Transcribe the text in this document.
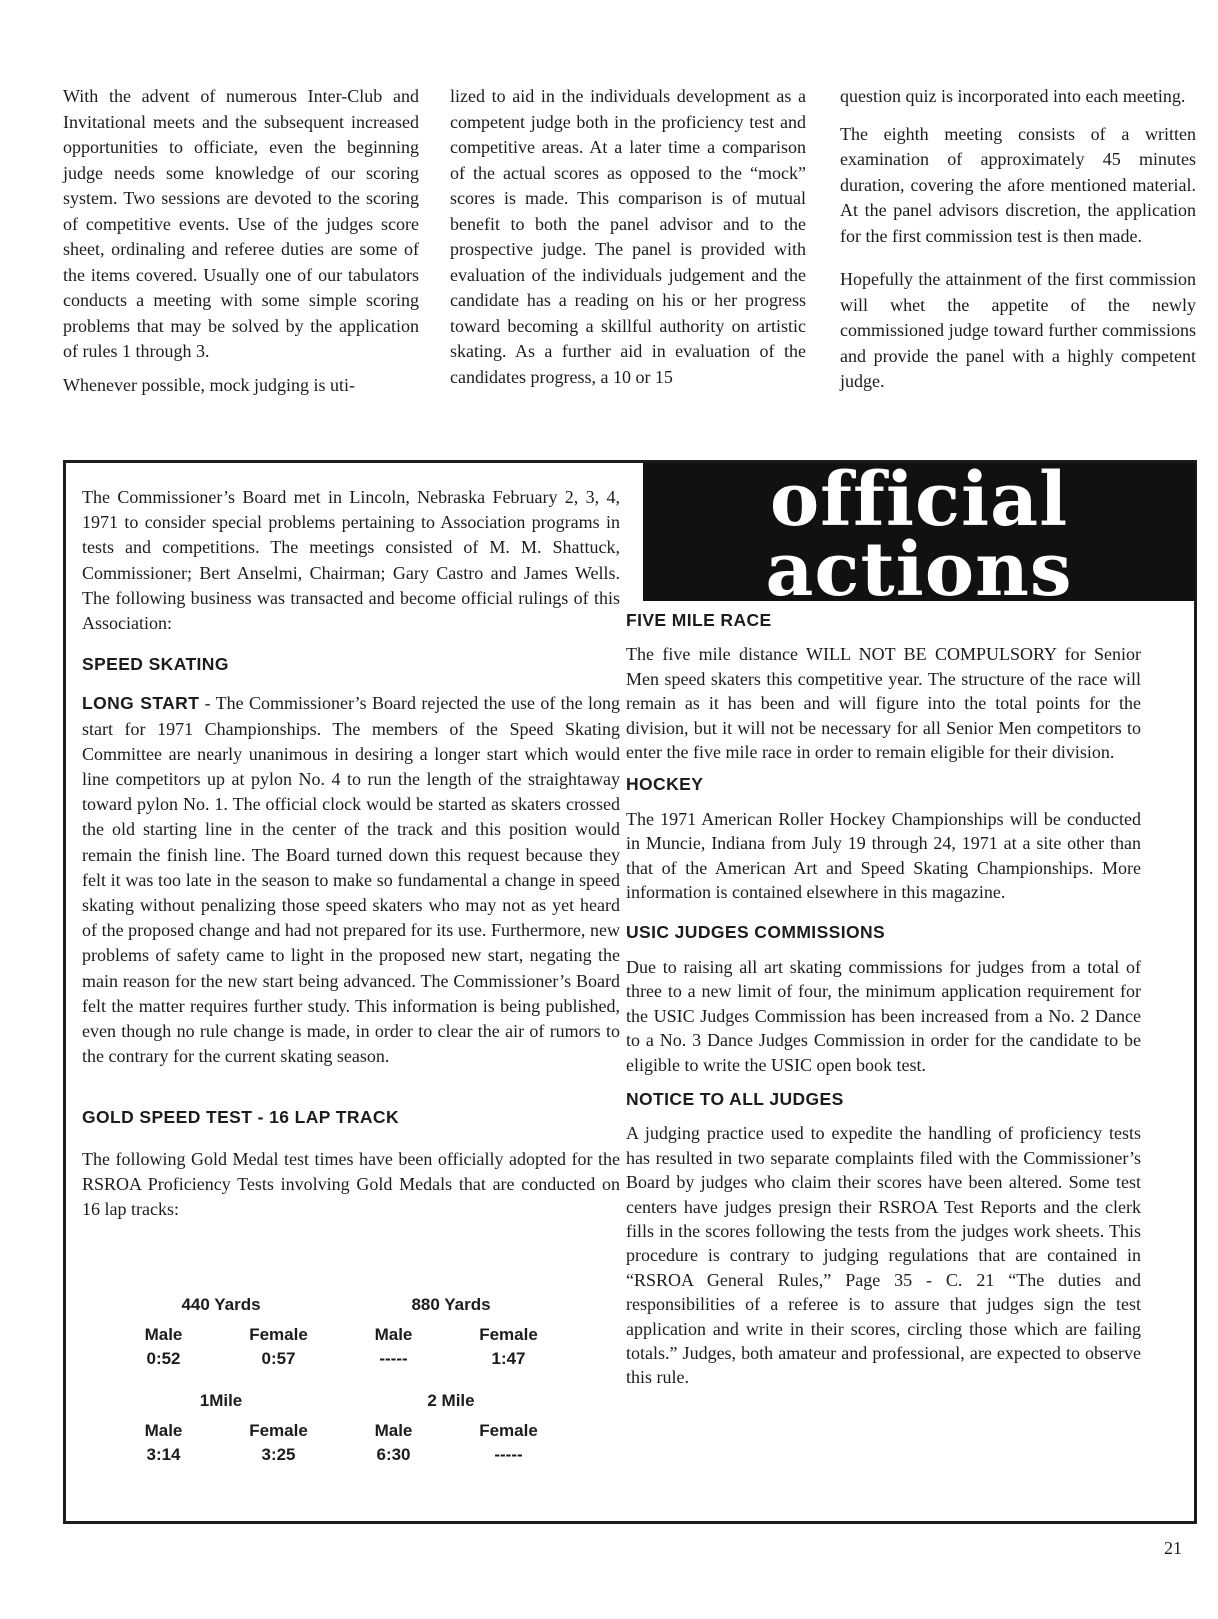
With the advent of numerous Inter-Club and Invitational meets and the subsequent increased opportunities to officiate, even the beginning judge needs some knowledge of our scoring system. Two sessions are devoted to the scoring of competitive events. Use of the judges score sheet, ordinaling and referee duties are some of the items covered. Usually one of our tabulators conducts a meeting with some simple scoring problems that may be solved by the application of rules 1 through 3.

Whenever possible, mock judging is uti-

lized to aid in the individuals development as a competent judge both in the proficiency test and competitive areas. At a later time a comparison of the actual scores as opposed to the “mock” scores is made. This comparison is of mutual benefit to both the panel advisor and to the prospective judge. The panel is provided with evaluation of the individuals judgement and the candidate has a reading on his or her progress toward becoming a skillful authority on artistic skating. As a further aid in evaluation of the candidates progress, a 10 or 15

question quiz is incorporated into each meeting.

The eighth meeting consists of a written examination of approximately 45 minutes duration, covering the afore mentioned material. At the panel advisors discretion, the application for the first commission test is then made.

Hopefully the attainment of the first commission will whet the appetite of the newly commissioned judge toward further commissions and provide the panel with a highly competent judge.

The Commissioner’s Board met in Lincoln, Nebraska February 2, 3, 4, 1971 to consider special problems pertaining to Association programs in tests and competitions. The meetings consisted of M. M. Shattuck, Commissioner; Bert Anselmi, Chairman; Gary Castro and James Wells. The following business was transacted and become official rulings of this Association:

SPEED SKATING

LONG START - The Commissioner’s Board rejected the use of the long start for 1971 Championships. The members of the Speed Skating Committee are nearly unanimous in desiring a longer start which would line competitors up at pylon No. 4 to run the length of the straightaway toward pylon No. 1. The official clock would be started as skaters crossed the old starting line in the center of the track and this position would remain the finish line. The Board turned down this request because they felt it was too late in the season to make so fundamental a change in speed skating without penalizing those speed skaters who may not as yet heard of the proposed change and had not prepared for its use. Furthermore, new problems of safety came to light in the proposed new start, negating the main reason for the new start being advanced. The Commissioner’s Board felt the matter requires further study. This information is being published, even though no rule change is made, in order to clear the air of rumors to the contrary for the current skating season.

GOLD SPEED TEST - 16 LAP TRACK

The following Gold Medal test times have been officially adopted for the RSROA Proficiency Tests involving Gold Medals that are conducted on 16 lap tracks:

440 Yards		880 Yards	

Male	Female	Male	Female
0:52	0:57	-----	1:47
1Mile		2 Mile	

Male	Female	Male	Female
3:14	3:25	6:30	-----
official
actions
FIVE MILE RACE

The five mile distance WILL NOT BE COMPULSORY for Senior Men speed skaters this competitive year. The structure of the race will remain as it has been and will figure into the total points for the division, but it will not be necessary for all Senior Men competitors to enter the five mile race in order to remain eligible for their division.

HOCKEY

The 1971 American Roller Hockey Championships will be conducted in Muncie, Indiana from July 19 through 24, 1971 at a site other than that of the American Art and Speed Skating Championships. More information is contained elsewhere in this magazine.

USIC JUDGES COMMISSIONS

Due to raising all art skating commissions for judges from a total of three to a new limit of four, the minimum application requirement for the USIC Judges Commission has been increased from a No. 2 Dance to a No. 3 Dance Judges Commission in order for the candidate to be eligible to write the USIC open book test.

NOTICE TO ALL JUDGES

A judging practice used to expedite the handling of proficiency tests has resulted in two separate complaints filed with the Commissioner’s Board by judges who claim their scores have been altered. Some test centers have judges presign their RSROA Test Reports and the clerk fills in the scores following the tests from the judges work sheets. This procedure is contrary to judging regulations that are contained in “RSROA General Rules,” Page 35 - C. 21 “The duties and responsibilities of a referee is to assure that judges sign the test application and write in their scores, circling those which are failing totals.” Judges, both amateur and professional, are expected to observe this rule.

21
